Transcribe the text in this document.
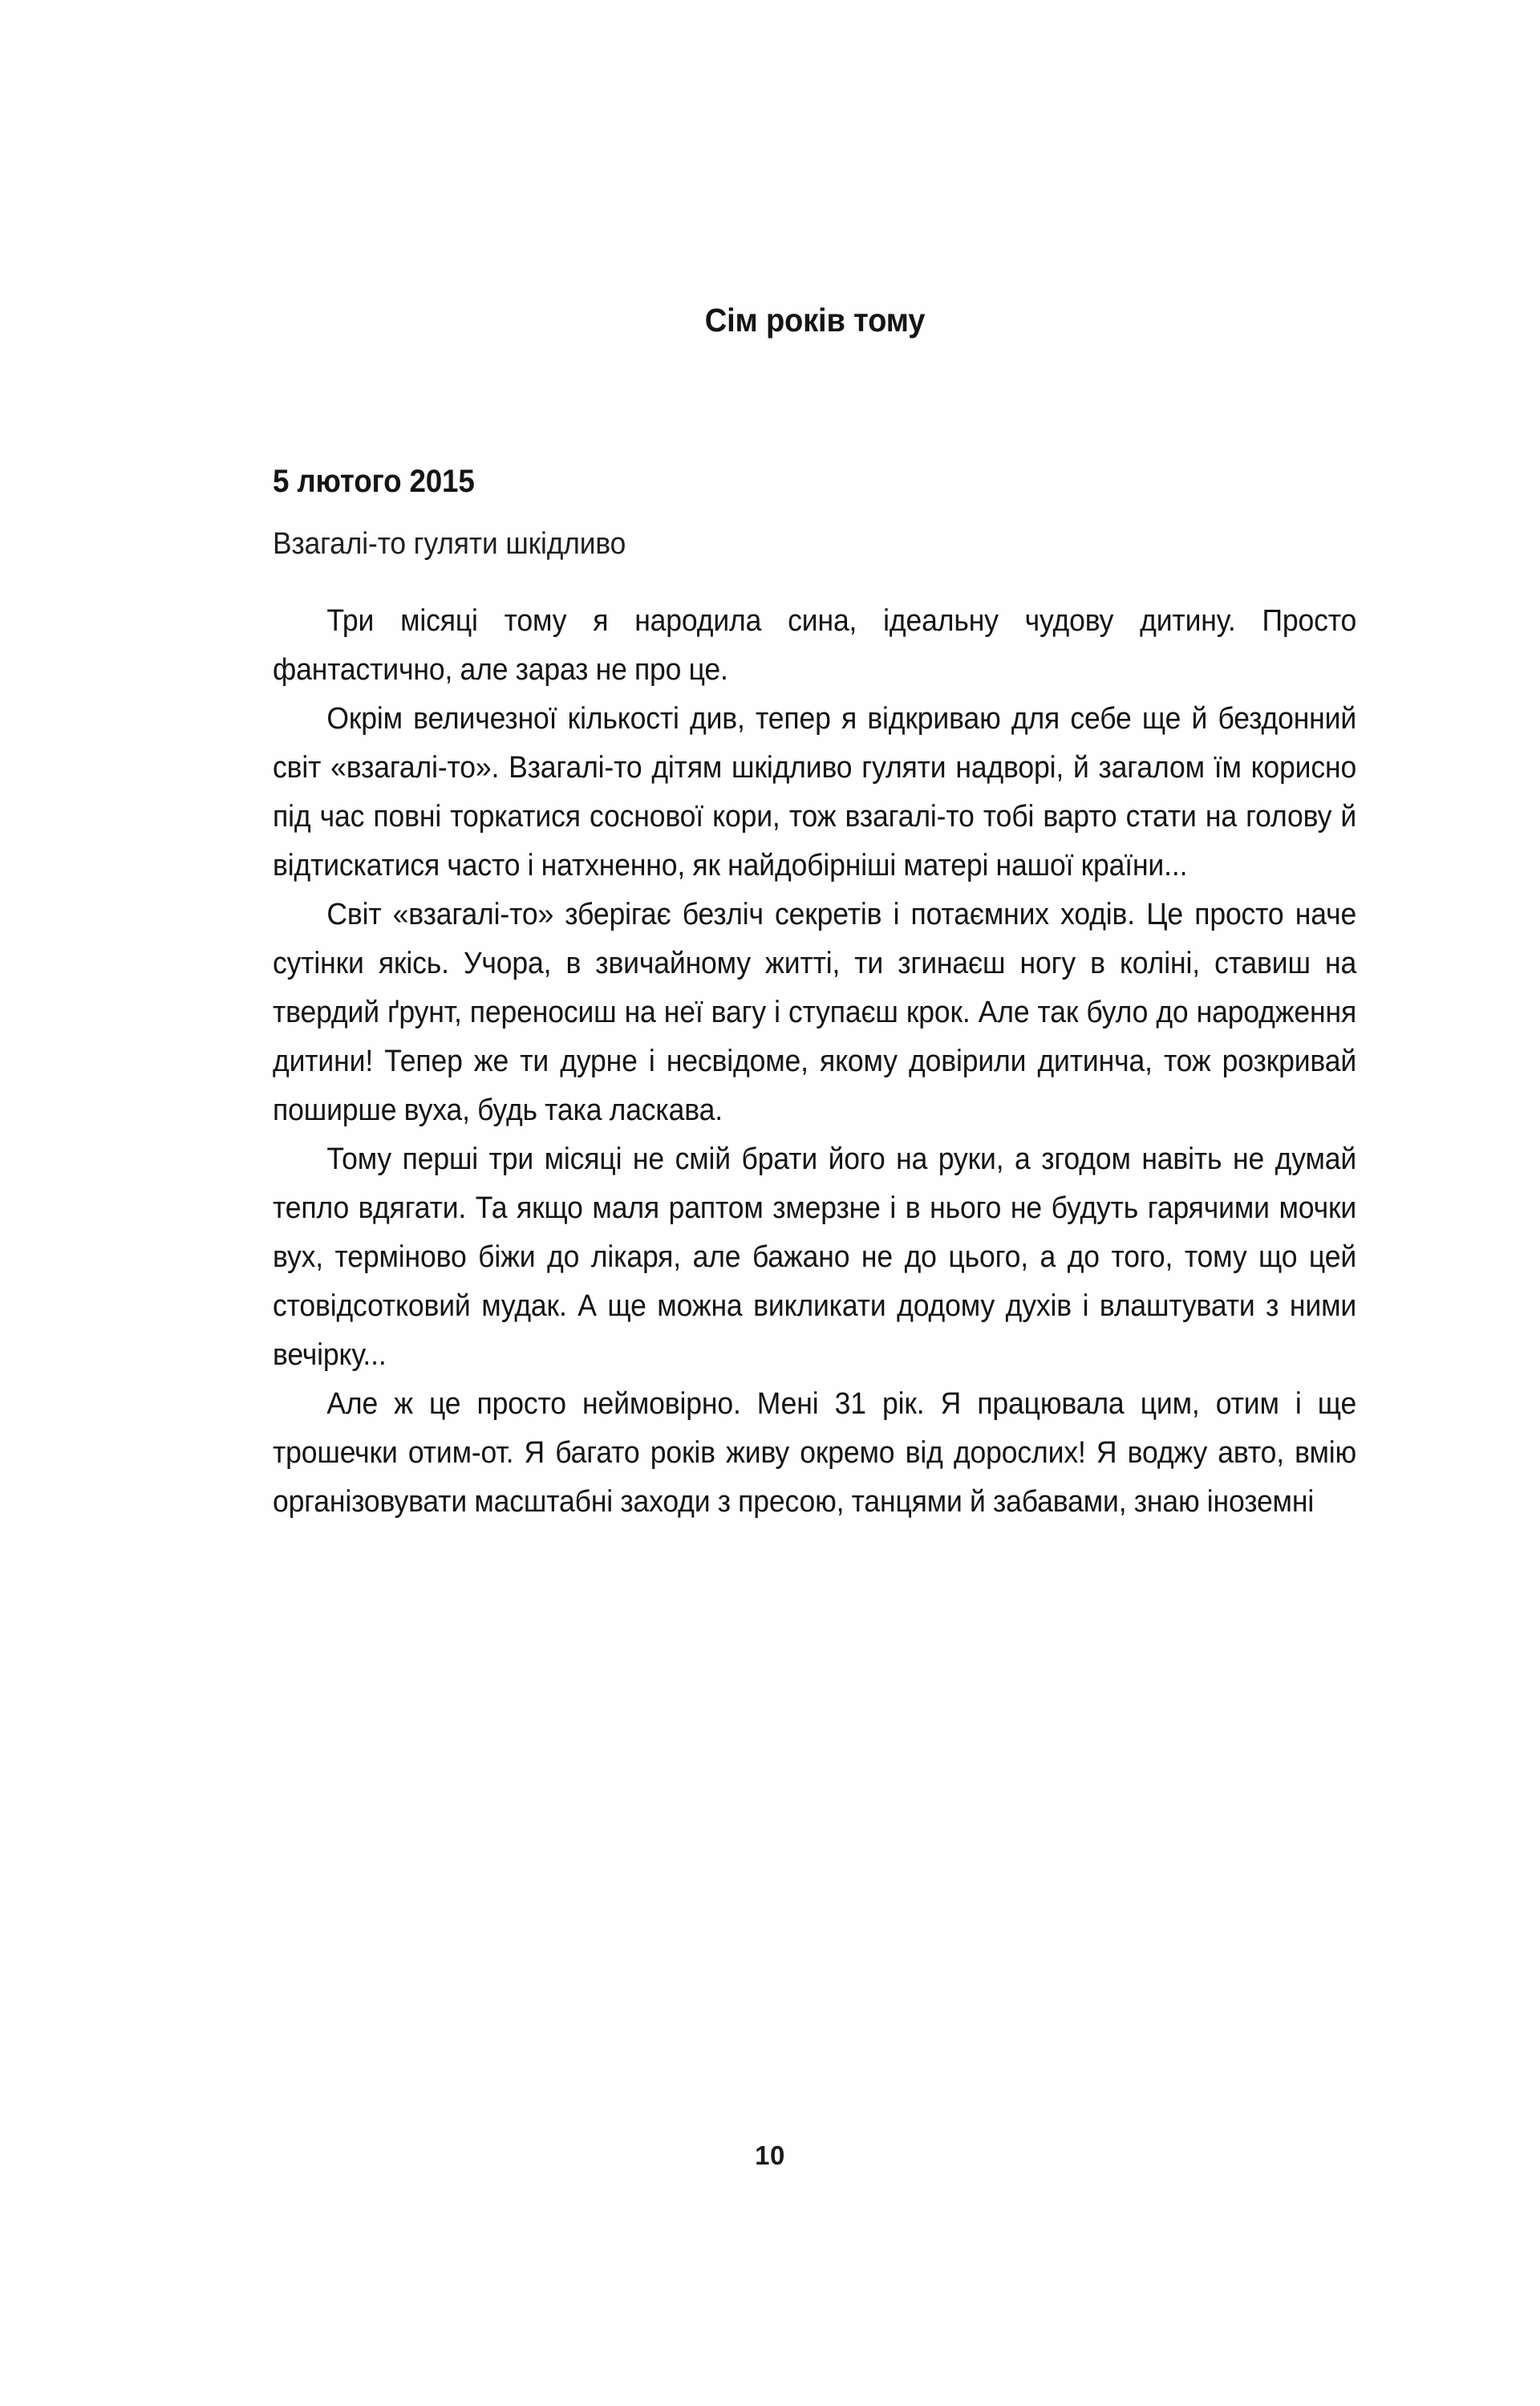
Сім років тому
5 лютого 2015
Взагалі-то гуляти шкідливо

Три місяці тому я народила сина, ідеальну чудову дитину. Просто фантастично, але зараз не про це.

Окрім величезної кількості див, тепер я відкриваю для себе ще й бездонний світ «взагалі-то». Взагалі-то дітям шкідливо гуляти надворі, й загалом їм корисно під час повні торкатися соснової кори, тож взагалі-то тобі варто стати на голову й відтискатися часто і натхненно, як найдобірніші матері нашої країни...

Світ «взагалі-то» зберігає безліч секретів і потаємних ходів. Це просто наче сутінки якісь. Учора, в звичайному житті, ти згинаєш ногу в коліні, ставиш на твердий ґрунт, переносиш на неї вагу і ступаєш крок. Але так було до народження дитини! Тепер же ти дурне і несвідоме, якому довірили дитинча, тож розкривай поширше вуха, будь така ласкава.

Тому перші три місяці не смій брати його на руки, а згодом навіть не думай тепло вдягати. Та якщо маля раптом змерзне і в нього не будуть гарячими мочки вух, терміново біжи до лікаря, але бажано не до цього, а до того, тому що цей стовідсотковий мудак. А ще можна викликати додому духів і влаштувати з ними вечірку...

Але ж це просто неймовірно. Мені 31 рік. Я працювала цим, отим і ще трошечки отим-от. Я багато років живу окремо від дорослих! Я воджу авто, вмію організовувати масштабні заходи з пресою, танцями й забавами, знаю іноземні

10
